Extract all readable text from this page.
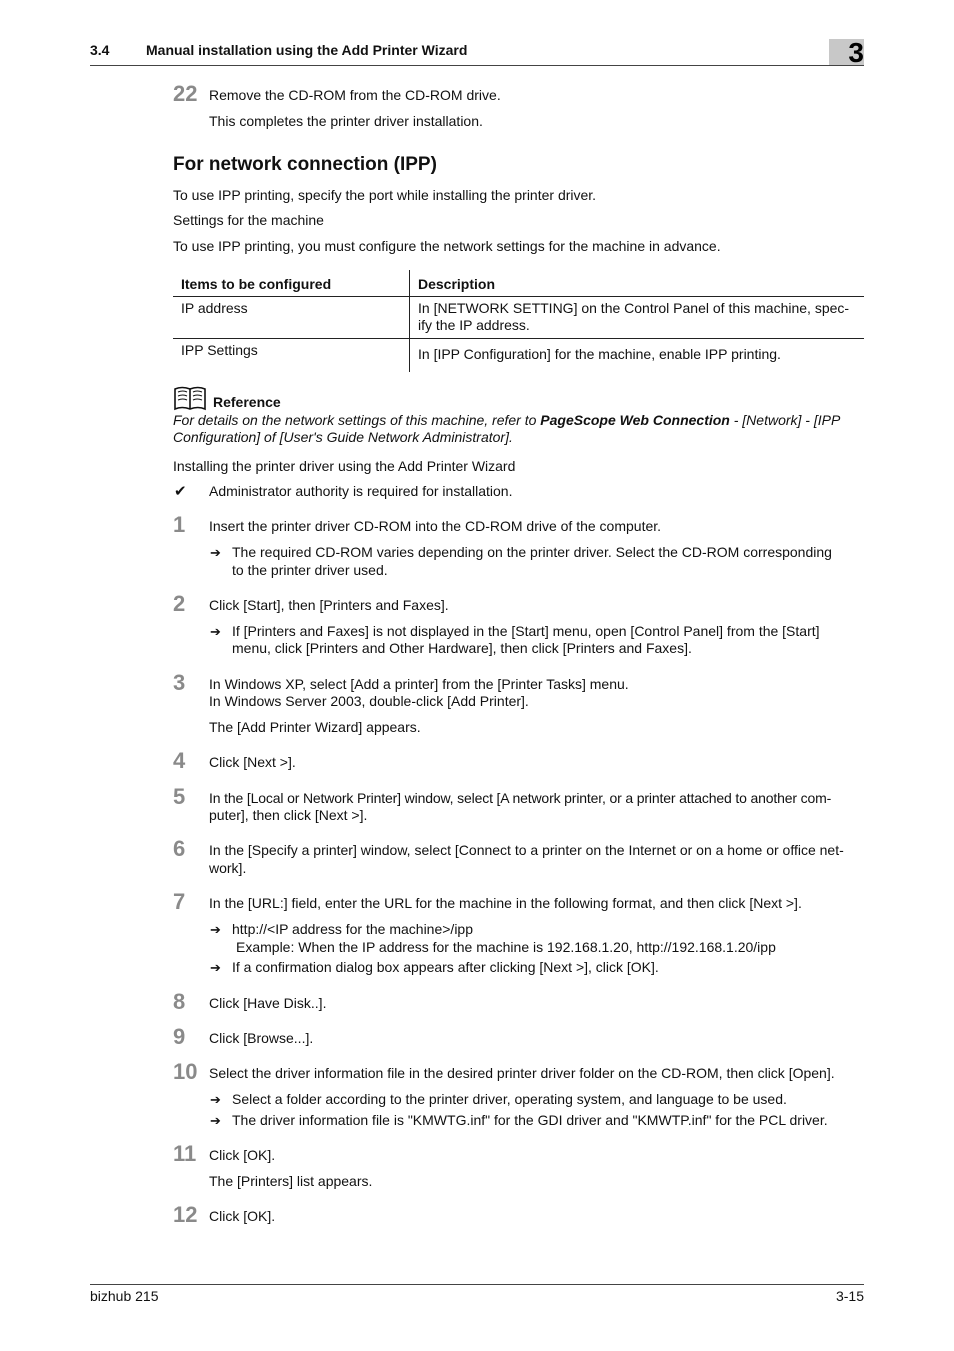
3.4	Manual installation using the Add Printer Wizard	3
22 Remove the CD-ROM from the CD-ROM drive.
This completes the printer driver installation.
For network connection (IPP)
To use IPP printing, specify the port while installing the printer driver.
Settings for the machine
To use IPP printing, you must configure the network settings for the machine in advance.
Items to be configured	Description
IP address	In [NETWORK SETTING] on the Control Panel of this machine, spec-
ify the IP address.
IPP Settings	In [IPP Configuration] for the machine, enable IPP printing.
Reference
For details on the network settings of this machine, refer to PageScope Web Connection - [Network] - [IPP
Configuration] of [User's Guide Network Administrator].
Installing the printer driver using the Add Printer Wizard
✔ Administrator authority is required for installation.
1 Insert the printer driver CD-ROM into the CD-ROM drive of the computer.
➔ The required CD-ROM varies depending on the printer driver. Select the CD-ROM corresponding
to the printer driver used.
2 Click [Start], then [Printers and Faxes].
➔ If [Printers and Faxes] is not displayed in the [Start] menu, open [Control Panel] from the [Start]
menu, click [Printers and Other Hardware], then click [Printers and Faxes].
3 In Windows XP, select [Add a printer] from the [Printer Tasks] menu.
In Windows Server 2003, double-click [Add Printer].
The [Add Printer Wizard] appears.
4 Click [Next >].
5 In the [Local or Network Printer] window, select [A network printer, or a printer attached to another com-
puter], then click [Next >].
6 In the [Specify a printer] window, select [Connect to a printer on the Internet or on a home or office net-
work].
7 In the [URL:] field, enter the URL for the machine in the following format, and then click [Next >].
➔ http://<IP address for the machine>/ipp
Example: When the IP address for the machine is 192.168.1.20, http://192.168.1.20/ipp
➔ If a confirmation dialog box appears after clicking [Next >], click [OK].
8 Click [Have Disk..].
9 Click [Browse...].
10 Select the driver information file in the desired printer driver folder on the CD-ROM, then click [Open].
➔ Select a folder according to the printer driver, operating system, and language to be used.
➔ The driver information file is "KMWTG.inf" for the GDI driver and "KMWTP.inf" for the PCL driver.
11 Click [OK].
The [Printers] list appears.
12 Click [OK].
bizhub 215	3-15
